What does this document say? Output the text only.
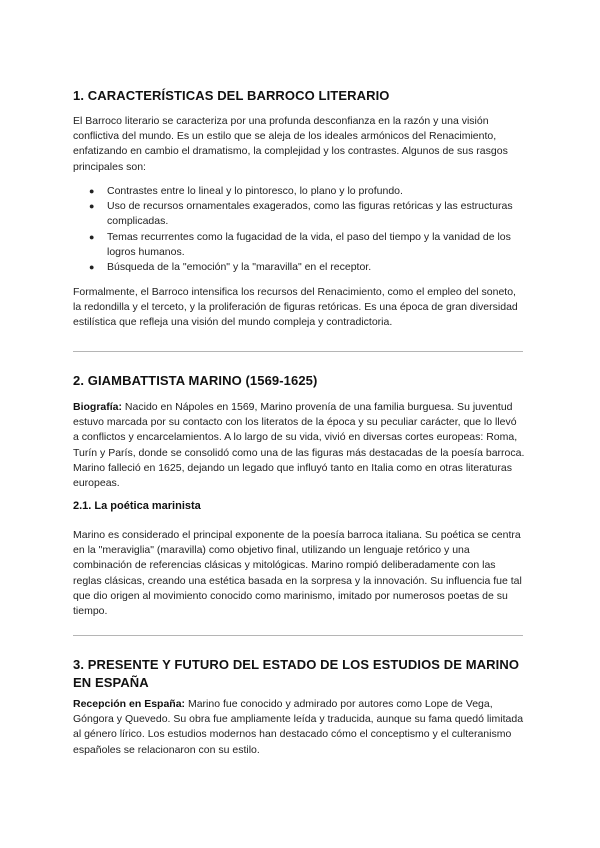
1. CARACTERÍSTICAS DEL BARROCO LITERARIO

El Barroco literario se caracteriza por una profunda desconfianza en la razón y una visión conflictiva del mundo. Es un estilo que se aleja de los ideales armónicos del Renacimiento, enfatizando en cambio el dramatismo, la complejidad y los contrastes. Algunos de sus rasgos principales son:

● Contrastes entre lo lineal y lo pintoresco, lo plano y lo profundo.
● Uso de recursos ornamentales exagerados, como las figuras retóricas y las estructuras complicadas.
● Temas recurrentes como la fugacidad de la vida, el paso del tiempo y la vanidad de los logros humanos.
● Búsqueda de la "emoción" y la "maravilla" en el receptor.

Formalmente, el Barroco intensifica los recursos del Renacimiento, como el empleo del soneto, la redondilla y el terceto, y la proliferación de figuras retóricas. Es una época de gran diversidad estilística que refleja una visión del mundo compleja y contradictoria.

2. GIAMBATTISTA MARINO (1569-1625)

Biografía: Nacido en Nápoles en 1569, Marino provenía de una familia burguesa. Su juventud estuvo marcada por su contacto con los literatos de la época y su peculiar carácter, que lo llevó a conflictos y encarcelamientos. A lo largo de su vida, vivió en diversas cortes europeas: Roma, Turín y París, donde se consolidó como una de las figuras más destacadas de la poesía barroca. Marino falleció en 1625, dejando un legado que influyó tanto en Italia como en otras literaturas europeas.

2.1. La poética marinista

Marino es considerado el principal exponente de la poesía barroca italiana. Su poética se centra en la "meraviglia" (maravilla) como objetivo final, utilizando un lenguaje retórico y una combinación de referencias clásicas y mitológicas. Marino rompió deliberadamente con las reglas clásicas, creando una estética basada en la sorpresa y la innovación. Su influencia fue tal que dio origen al movimiento conocido como marinismo, imitado por numerosos poetas de su tiempo.

3. PRESENTE Y FUTURO DEL ESTADO DE LOS ESTUDIOS DE MARINO EN ESPAÑA

Recepción en España: Marino fue conocido y admirado por autores como Lope de Vega, Góngora y Quevedo. Su obra fue ampliamente leída y traducida, aunque su fama quedó limitada al género lírico. Los estudios modernos han destacado cómo el conceptismo y el culteranismo españoles se relacionaron con su estilo.
